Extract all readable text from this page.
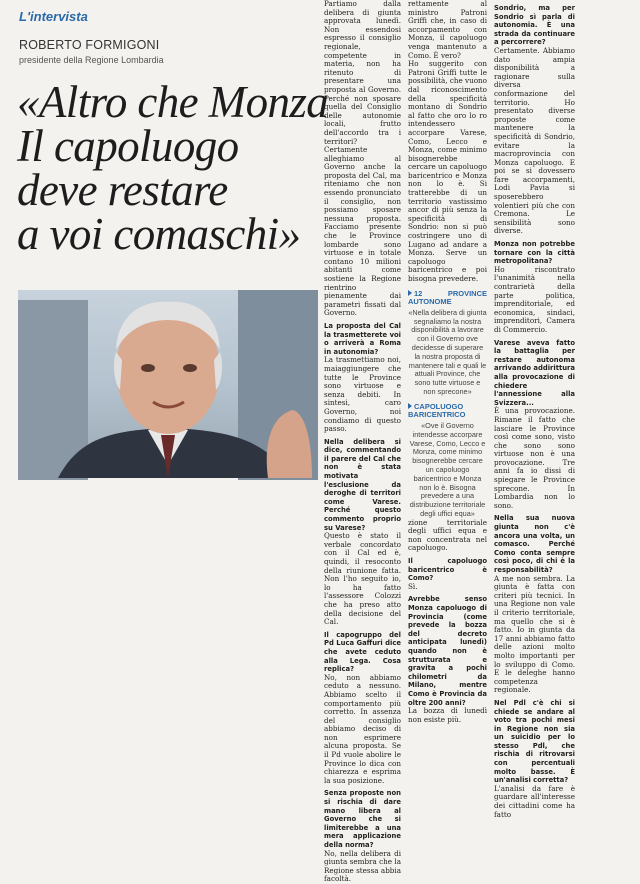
L'intervista
ROBERTO FORMIGONI
presidente della Regione Lombardia
«Altro che Monza
Il capoluogo
deve restare
a voi comaschi»

Partiamo dalla delibera di giunta approvata lunedì. Non essendosi espresso il consiglio regionale, competente in materia, non ha ritenuto di presentare una proposta al Governo. Perché non sposare quella del Consiglio delle autonomie locali, frutto dell'accordo tra i territori?

Certamente alleghiamo al Governo anche la proposta del Cal, ma riteniamo che non essendo pronunciato il consiglio, non possiamo sposare nessuna proposta. Facciamo presente che le Province lombarde sono virtuose e in totale contano 10 milioni abitanti come sostiene la Regione rientrino pienamente dai parametri fissati dal Governo.

La proposta del Cal la trasmetterete voi o arriverà a Roma in autonomia?

La trasmettiamo noi, maiaggiungere che tutte le Province sono virtuose e senza debiti. In sintesi, caro Governo, noi condiamo di questo passo.

Nella delibera si dice, commentando il parere del Cal che non è stata motivata l'esclusione da deroghe di territori come Varese. Perché questo commento proprio su Varese?

Questo è stato il verbale concordato con il Cal ed è, quindi, il resoconto della riunione fatta. Non l'ho seguito io, lo ha fatto l'assessore Colozzi che ha preso atto della decisione del Cal.

Il capogruppo del Pd Luca Gaffuri dice che avete ceduto alla Lega. Cosa replica?

No, non abbiamo ceduto a nessuno. Abbiamo scelto il comportamento più corretto. In assenza del consiglio abbiamo deciso di non esprimere alcuna proposta. Se il Pd vuole abolire le Province lo dica con chiarezza e esprima la sua posizione.

Senza proposte non si rischia di dare mano libera al Governo che si limiterebbe a una mera applicazione della norma?

No, nella delibera di giunta sembra che la Regione stessa abbia facoltà.

rettamente al ministro Patroni Griffi che, in caso di accorpamento con Monza, il capoluogo venga mantenuto a Como. È vero?

Ho suggerito con Patroni Griffi tutte le possibilità, che vuono dal riconoscimento della specificità montano di Sondrio al fatto che oro lo ro intendessero accorpare Varese, Como, Lecco e Monza, come minimo bisognerebbe cercare un capoluogo baricentrico e Monza non lo è. Si tratterebbe di un territorio vastissimo ancor di più senza la specificità di Sondrio: non si può costringere uno di Lugano ad andare a Monza. Serve un capoluogo baricentrico e poi bisogna prevedere.

12 PROVINCE AUTONOME
«Nella delibera di giunta segnaliamo la nostra disponibilità a lavorare con il Governo ove decidesse di superare la nostra proposta di mantenere tali e quali le attuali Province, che sono tutte virtuose e non sprecone»
CAPOLUOGO BARICENTRICO
«Ove il Governo intendesse accorpare Varese, Como, Lecco e Monza, come minimo bisognerebbe cercare un capoluogo baricentrico e Monza non lo è. Bisogna prevedere a una distribuzione territoriale degli uffici equa»

zione territoriale degli uffici equa e non concentrata nel capoluogo.

Il capoluogo baricentrico è Como?

Sì.

Avrebbe senso Monza capoluogo di Provincia (come prevede la bozza del decreto anticipata lunedì) quando non è strutturata e gravita a pochi chilometri da Milano, mentre Como è Provincia da oltre 200 anni?

La bozza di lunedì non esiste più.

Sondrio, ma per Sondrio sì parla di autonomia. È una strada da continuare a percorrere?

Certamente. Abbiamo dato ampia disponibilità a ragionare sulla diversa conformazione del territorio. Ho presentato diverse proposte come mantenere la specificità di Sondrio, evitare la macroprovincia con Monza capoluogo. E poi se si dovessero fare accorpamenti, Lodi Pavia si sposerebbero volentieri più che con Cremona. Le sensibilità sono diverse.

Monza non potrebbe tornare con la città metropolitana?

Ho riscontrato l'unanimità nella contrarietà della parte politica, imprenditoriale, ed economica, sindaci, imprenditori, Camera di Commercio.

Varese aveva fatto la battaglia per restare autonoma arrivando addirittura alla provocazione di chiedere l'annessione alla Svizzera...

È una provocazione. Rimane il fatto che lasciare le Province così come sono, visto che sono sono virtuose non è una provocazione. Tre anni fa io dissi di spiegare le Province sprecone. In Lombardia non lo sono.

Nella sua nuova giunta non c'è ancora una volta, un comasco. Perché Como conta sempre così poco, di chi è la responsabilità?

A me non sembra. La giunta è fatta con criteri più tecnici. In una Regione non vale il criterio territoriale, ma quello che si è fatto. Io in giunta da 17 anni abbiamo fatto delle azioni molto molto importanti per lo sviluppo di Como. E le deleghe hanno competenza regionale.

Nel Pdl c'è chi si chiede se andare al voto tra pochi mesi in Regione non sia un suicidio per lo stesso Pdl, che rischia di ritrovarsi con percentuali molto basse. È un'analisi corretta?

L'analisi da fare è guardare all'interesse dei cittadini come ha fatto
